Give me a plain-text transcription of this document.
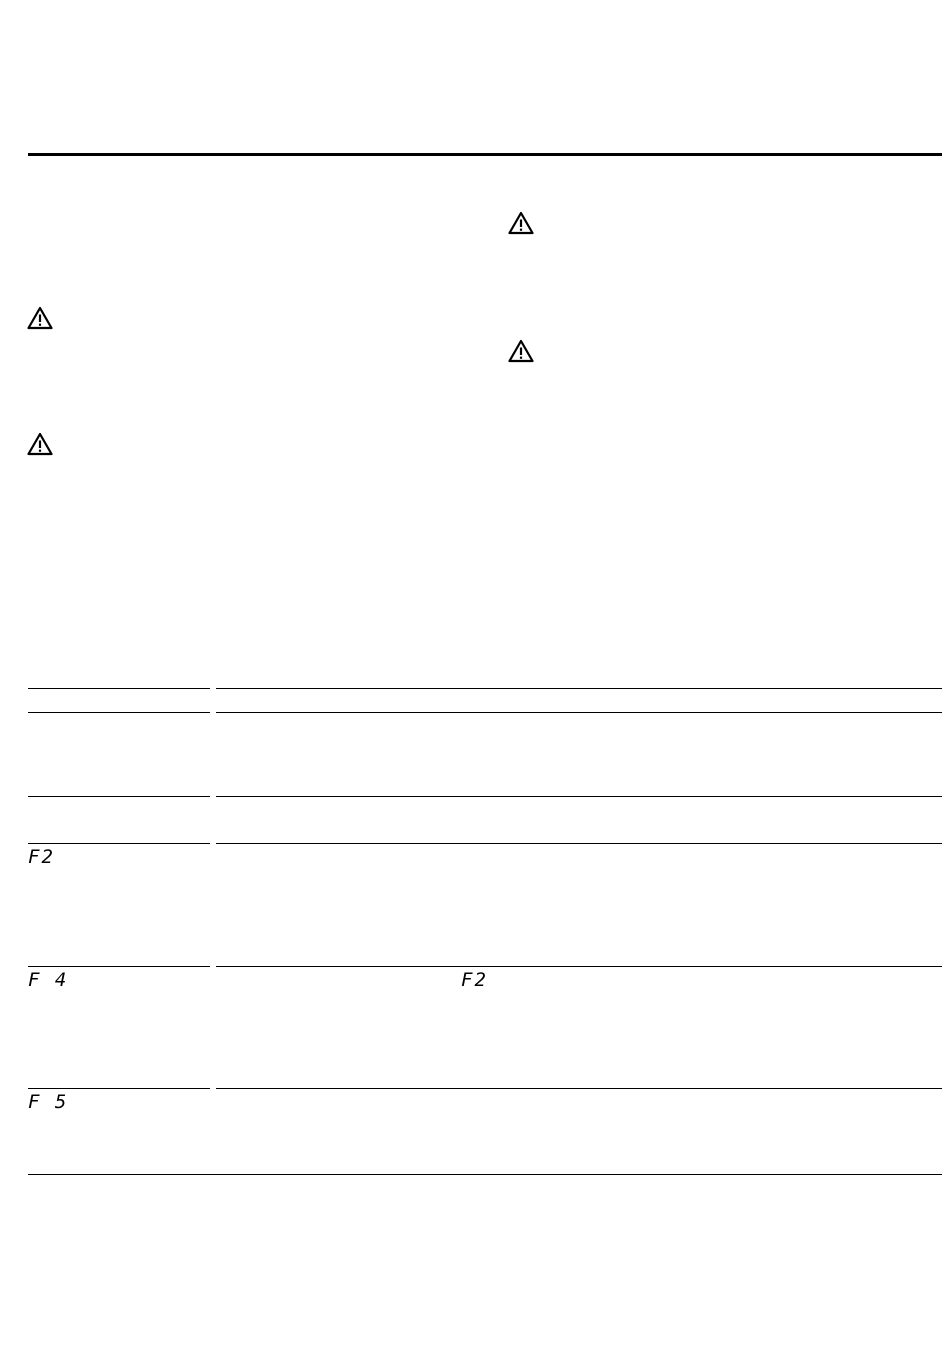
F2
F 4	F2
F 5
